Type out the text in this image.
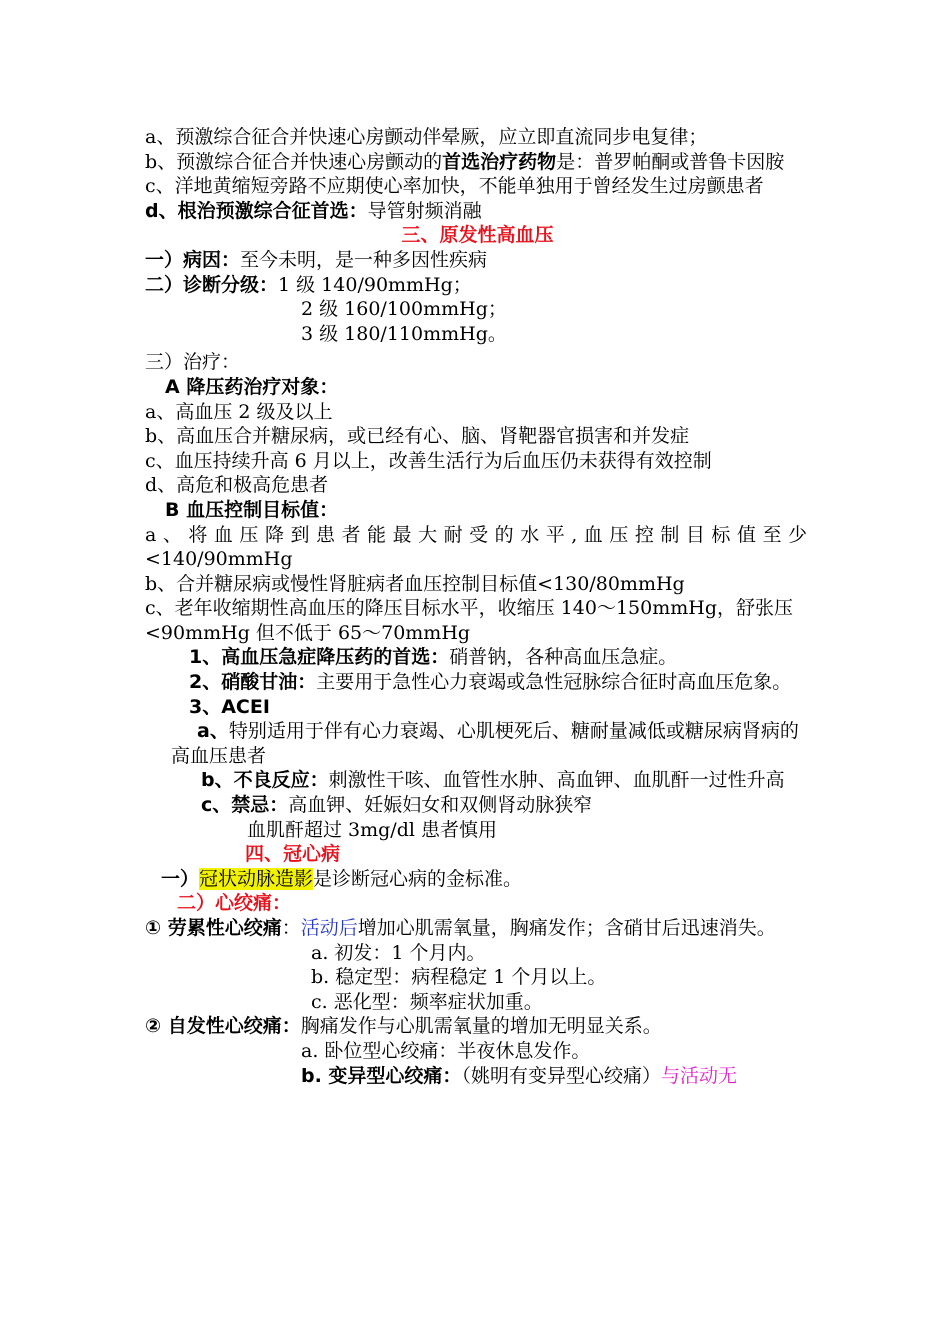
a、预激综合征合并快速心房颤动伴晕厥，应立即直流同步电复律；
b、预激综合征合并快速心房颤动的首选治疗药物是：普罗帕酮或普鲁卡因胺
c、洋地黄缩短旁路不应期使心率加快，不能单独用于曾经发生过房颤患者
d、根治预激综合征首选：导管射频消融
三、原发性高血压
一）病因：至今未明，是一种多因性疾病
二）诊断分级：1 级 140/90mmHg；
2 级 160/100mmHg；
3 级 180/110mmHg。
三）治疗：
A 降压药治疗对象：
a、高血压 2 级及以上
b、高血压合并糖尿病，或已经有心、脑、肾靶器官损害和并发症
c、血压持续升高 6 月以上，改善生活行为后血压仍未获得有效控制
d、高危和极高危患者
B 血压控制目标值：
a、将血压降到患者能最大耐受的水平,血压控制目标值至少
<140/90mmHg
b、合并糖尿病或慢性肾脏病者血压控制目标值<130/80mmHg
c、老年收缩期性高血压的降压目标水平，收缩压 140～150mmHg，舒张压<90mmHg 但不低于 65～70mmHg
1、高血压急症降压药的首选：硝普钠，各种高血压急症。
2、硝酸甘油：主要用于急性心力衰竭或急性冠脉综合征时高血压危象。
3、ACEI
a、特别适用于伴有心力衰竭、心肌梗死后、糖耐量减低或糖尿病肾病的高血压患者
b、不良反应：刺激性干咳、血管性水肿、高血钾、血肌酐一过性升高
c、禁忌：高血钾、妊娠妇女和双侧肾动脉狭窄
血肌酐超过 3mg/dl 患者慎用
四、冠心病
一）冠状动脉造影是诊断冠心病的金标准。
二）心绞痛：
① 劳累性心绞痛：活动后增加心肌需氧量，胸痛发作；含硝甘后迅速消失。
a. 初发：1 个月内。
b. 稳定型：病程稳定 1 个月以上。
c. 恶化型：频率症状加重。
② 自发性心绞痛：胸痛发作与心肌需氧量的增加无明显关系。
a. 卧位型心绞痛：半夜休息发作。
b. 变异型心绞痛：（姚明有变异型心绞痛）与活动无
